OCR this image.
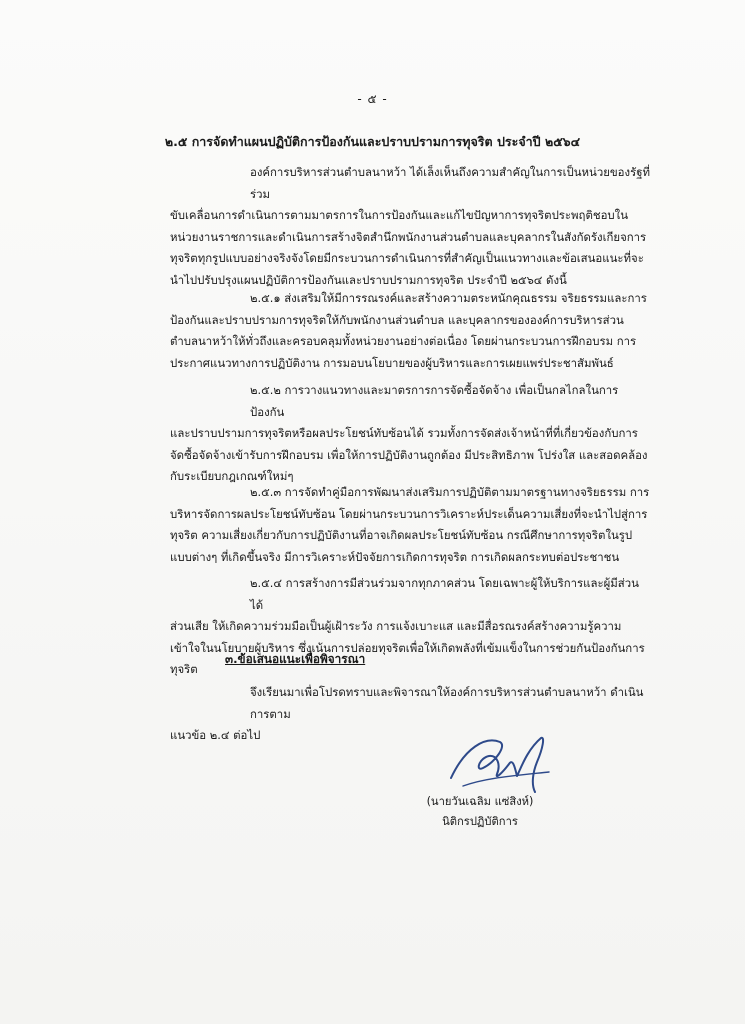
- ๕ -
๒.๕ การจัดทำแผนปฏิบัติการป้องกันและปราบปรามการทุจริต ประจำปี ๒๕๖๔

องค์การบริหารส่วนตำบลนาหว้า ได้เล็งเห็นถึงความสำคัญในการเป็นหน่วยของรัฐที่ร่วม
ขับเคลื่อนการดำเนินการตามมาตรการในการป้องกันและแก้ไขปัญหาการทุจริตประพฤติชอบในหน่วยงานราชการและดำเนินการสร้างจิตสำนึกพนักงานส่วนตำบลและบุคลากรในสังกัดรังเกียจการทุจริตทุกรูปแบบอย่างจริงจังโดยมีกระบวนการดำเนินการที่สำคัญเป็นแนวทางและข้อเสนอแนะที่จะนำไปปรับปรุงแผนปฏิบัติการป้องกันและปราบปรามการทุจริต ประจำปี ๒๕๖๔ ดังนี้

๒.๕.๑ ส่งเสริมให้มีการรณรงค์และสร้างความตระหนักคุณธรรม จริยธรรมและการ
ป้องกันและปราบปรามการทุจริตให้กับพนักงานส่วนตำบล และบุคลากรขององค์การบริหารส่วนตำบลนาหว้าให้ทั่วถึงและครอบคลุมทั้งหน่วยงานอย่างต่อเนื่อง โดยผ่านกระบวนการฝึกอบรม การประกาศแนวทางการปฏิบัติงาน การมอบนโยบายของผู้บริหารและการเผยแพร่ประชาสัมพันธ์

๒.๕.๒ การวางแนวทางและมาตรการการจัดซื้อจัดจ้าง เพื่อเป็นกลไกลในการป้องกัน
และปราบปรามการทุจริตหรือผลประโยชน์ทับซ้อนได้ รวมทั้งการจัดส่งเจ้าหน้าที่ที่เกี่ยวข้องกับการจัดซื้อจัดจ้างเข้ารับการฝึกอบรม เพื่อให้การปฏิบัติงานถูกต้อง มีประสิทธิภาพ โปร่งใส และสอดคล้องกับระเบียบกฎเกณฑ์ใหม่ๆ

๒.๕.๓ การจัดทำคู่มือการพัฒนาส่งเสริมการปฏิบัติตามมาตรฐานทางจริยธรรม การ
บริหารจัดการผลประโยชน์ทับซ้อน โดยผ่านกระบวนการวิเคราะห์ประเด็นความเสี่ยงที่จะนำไปสู่การทุจริต ความเสี่ยงเกี่ยวกับการปฏิบัติงานที่อาจเกิดผลประโยชน์ทับซ้อน กรณีศึกษาการทุจริตในรูปแบบต่างๆ ที่เกิดขึ้นจริง มีการวิเคราะห์ปัจจัยการเกิดการทุจริต การเกิดผลกระทบต่อประชาชน

๒.๕.๔ การสร้างการมีส่วนร่วมจากทุกภาคส่วน โดยเฉพาะผู้ให้บริการและผู้มีส่วนได้
ส่วนเสีย ให้เกิดความร่วมมือเป็นผู้เฝ้าระวัง การแจ้งเบาะแส และมีสื่อรณรงค์สร้างความรู้ความเข้าใจในนโยบายผู้บริหาร ซึ่งเน้นการปล่อยทุจริตเพื่อให้เกิดพลังที่เข้มแข็งในการช่วยกันป้องกันการทุจริต

๓.ข้อเสนอแนะเพื่อพิจารณา

จึงเรียนมาเพื่อโปรดทราบและพิจารณาให้องค์การบริหารส่วนตำบลนาหว้า ดำเนินการตาม
แนวข้อ ๒.๔ ต่อไป

(นายวันเฉลิม แซ่สิงห์)
นิติกรปฏิบัติการ
